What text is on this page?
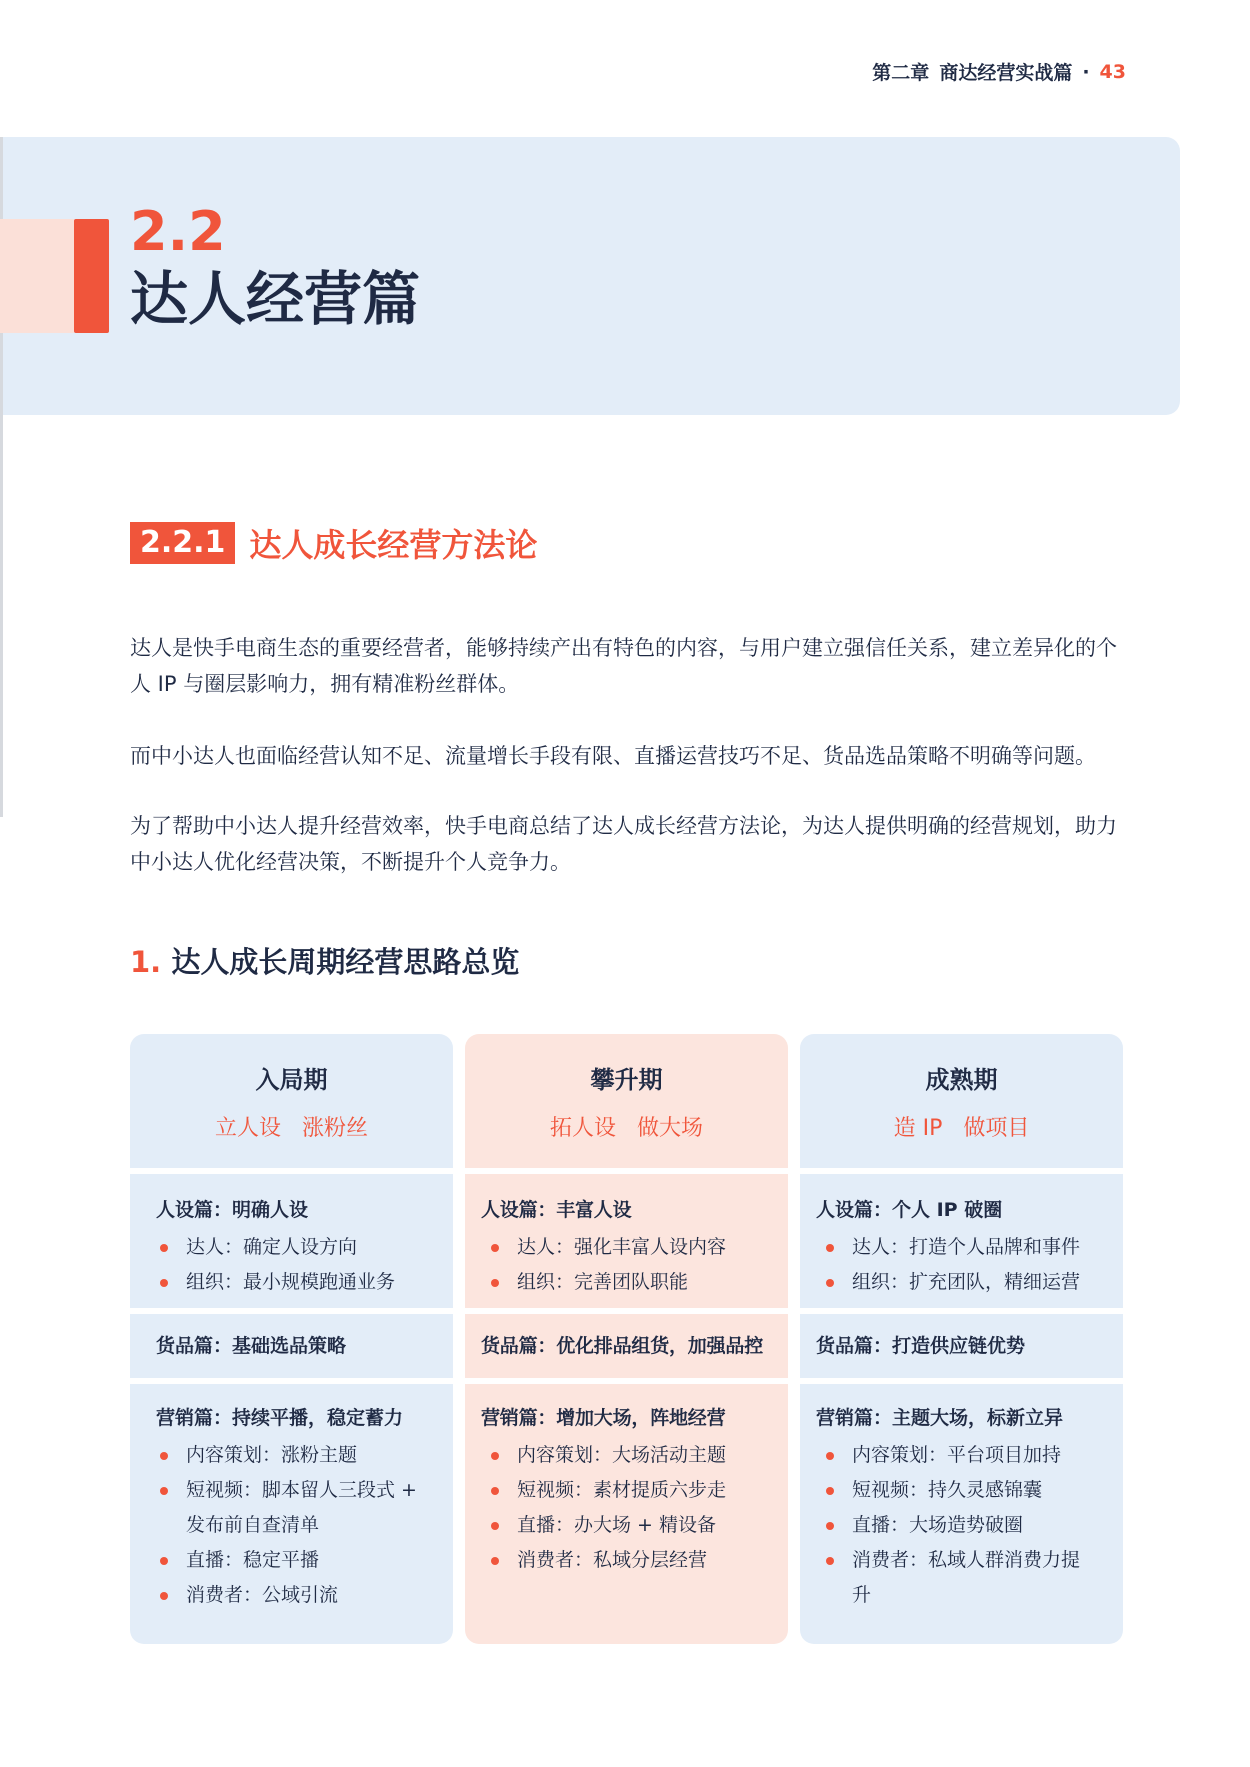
第二章 商达经营实战篇 · 43
2.2
达人经营篇
2.2.1 达人成长经营方法论

达人是快手电商生态的重要经营者，能够持续产出有特色的内容，与用户建立强信任关系，建立差异化的个人 IP 与圈层影响力，拥有精准粉丝群体。

而中小达人也面临经营认知不足、流量增长手段有限、直播运营技巧不足、货品选品策略不明确等问题。

为了帮助中小达人提升经营效率，快手电商总结了达人成长经营方法论，为达人提供明确的经营规划，助力中小达人优化经营决策，不断提升个人竞争力。

1. 达人成长周期经营思路总览
入局期
立人设   涨粉丝
人设篇：明确人设
达人：确定人设方向
组织：最小规模跑通业务
货品篇：基础选品策略
营销篇：持续平播，稳定蓄力
内容策划：涨粉主题
短视频：脚本留人三段式 + 发布前自查清单
直播：稳定平播
消费者：公域引流
攀升期
拓人设   做大场
人设篇：丰富人设
达人：强化丰富人设内容
组织：完善团队职能
货品篇：优化排品组货，加强品控
营销篇：增加大场，阵地经营
内容策划：大场活动主题
短视频：素材提质六步走
直播：办大场 + 精设备
消费者：私域分层经营
成熟期
造 IP   做项目
人设篇：个人 IP 破圈
达人：打造个人品牌和事件
组织：扩充团队，精细运营
货品篇：打造供应链优势
营销篇：主题大场，标新立异
内容策划：平台项目加持
短视频：持久灵感锦囊
直播：大场造势破圈
消费者：私域人群消费力提升
